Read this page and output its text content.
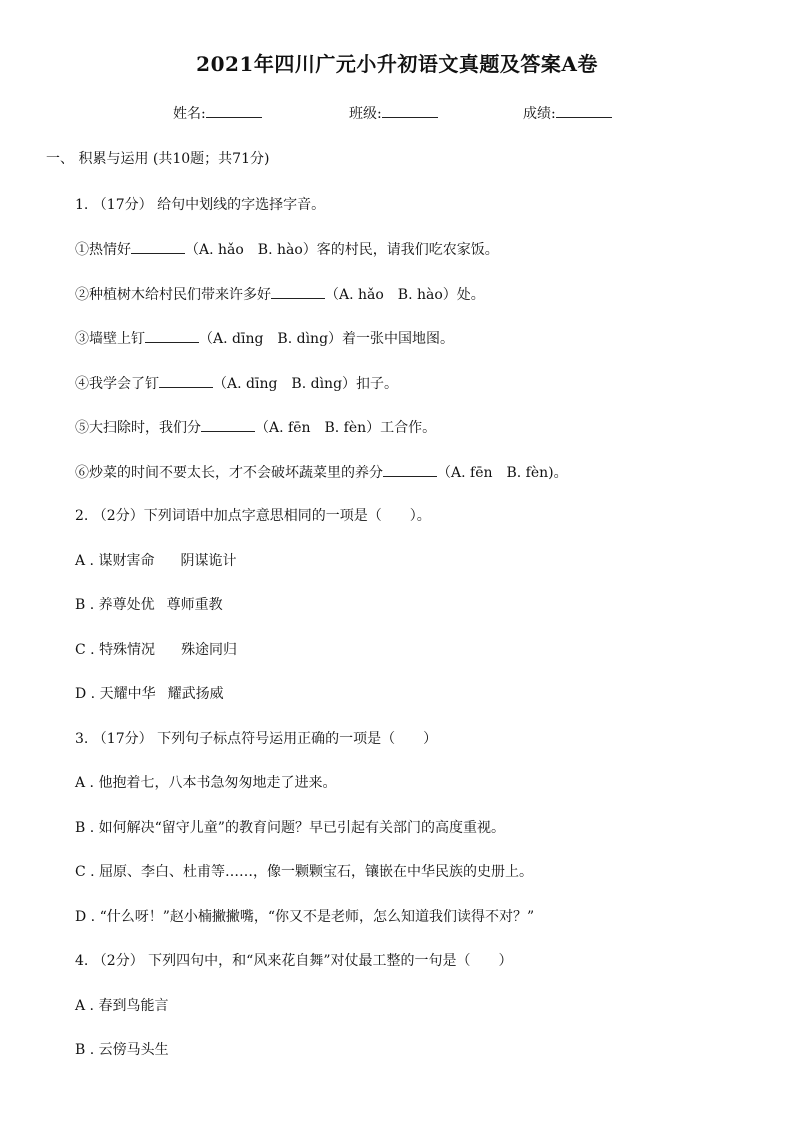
2021年四川广元小升初语文真题及答案A卷
姓名:	班级:	成绩:
一、 积累与运用 (共10题；共71分)
1. （17分） 给句中划线的字选择字音。
①热情好	（A. hǎo　B. hào）客的村民，请我们吃农家饭。
②种植树木给村民们带来许多好	（A. hǎo　B. hào）处。
③墙壁上钉	（A. dīng　B. dìng）着一张中国地图。
④我学会了钉	（A. dīng　B. dìng）扣子。
⑤大扫除时，我们分	（A. fēn　B. fèn）工合作。
⑥炒菜的时间不要太长，才不会破坏蔬菜里的养分	（A. fēn　B. fèn)。
2. （2分）下列词语中加点字意思相同的一项是（　　）。
A . 谋财害命 阴谋诡计
B . 养尊处优 尊师重教
C . 特殊情况 殊途同归
D . 天耀中华 耀武扬威
3. （17分） 下列句子标点符号运用正确的一项是（　　）
A . 他抱着七，八本书急匆匆地走了进来。
B . 如何解决“留守儿童”的教育问题？早已引起有关部门的高度重视。
C . 屈原、李白、杜甫等……，像一颗颗宝石，镶嵌在中华民族的史册上。
D . “什么呀！”赵小楠撇撇嘴，“你又不是老师，怎么知道我们读得不对？”
4. （2分） 下列四句中，和“风来花自舞”对仗最工整的一句是（　　）
A . 春到鸟能言
B . 云傍马头生
